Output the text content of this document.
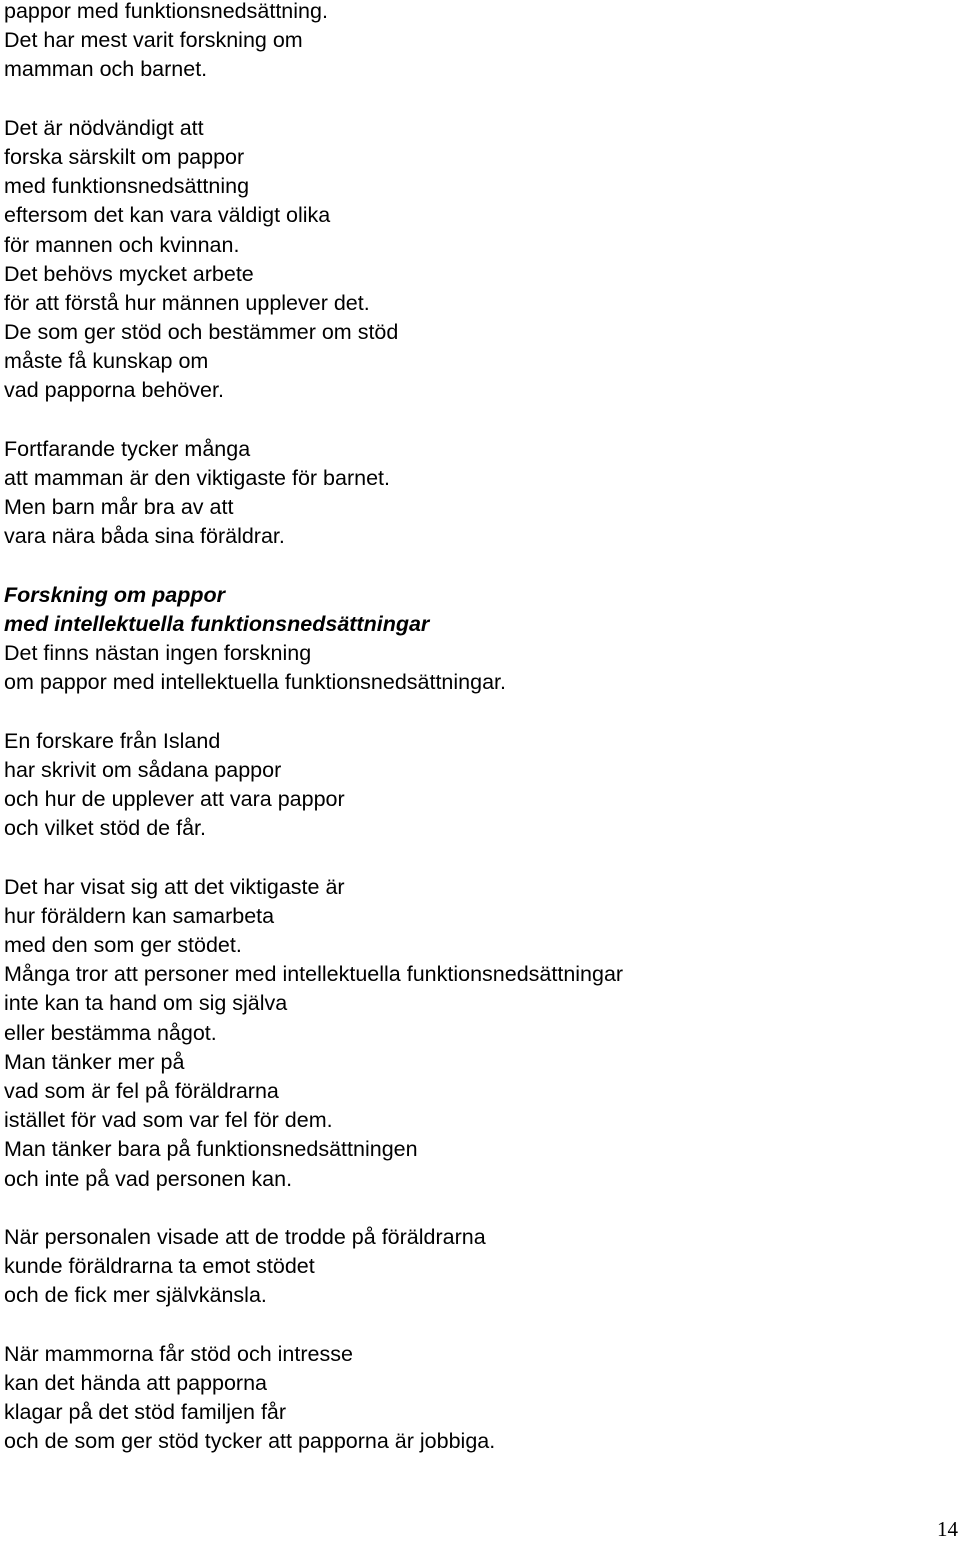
pappor med funktionsnedsättning.
Det har mest varit forskning om
mamman och barnet.
Det är nödvändigt att
forska särskilt om pappor
med funktionsnedsättning
eftersom det kan vara väldigt olika
för mannen och kvinnan.
Det behövs mycket arbete
för att förstå hur männen upplever det.
De som ger stöd och bestämmer om stöd
måste få kunskap om
vad papporna behöver.
Fortfarande tycker många
att mamman är den viktigaste för barnet.
Men barn mår bra av att
vara nära båda sina föräldrar.
Forskning om pappor
med intellektuella funktionsnedsättningar
Det finns nästan ingen forskning
om pappor med intellektuella funktionsnedsättningar.
En forskare från Island
har skrivit om sådana pappor
och hur de upplever att vara pappor
och vilket stöd de får.
Det har visat sig att det viktigaste är
hur föräldern kan samarbeta
med den som ger stödet.
Många tror att personer med intellektuella funktionsnedsättningar
inte kan ta hand om sig själva
eller bestämma något.
Man tänker mer på
vad som är fel på föräldrarna
istället för vad som var fel för dem.
Man tänker bara på funktionsnedsättningen
och inte på vad personen kan.
När personalen visade att de trodde på föräldrarna
kunde föräldrarna ta emot stödet
och de fick mer självkänsla.
När mammorna får stöd och intresse
kan det hända att papporna
klagar på det stöd familjen får
och de som ger stöd tycker att papporna är jobbiga.
14
